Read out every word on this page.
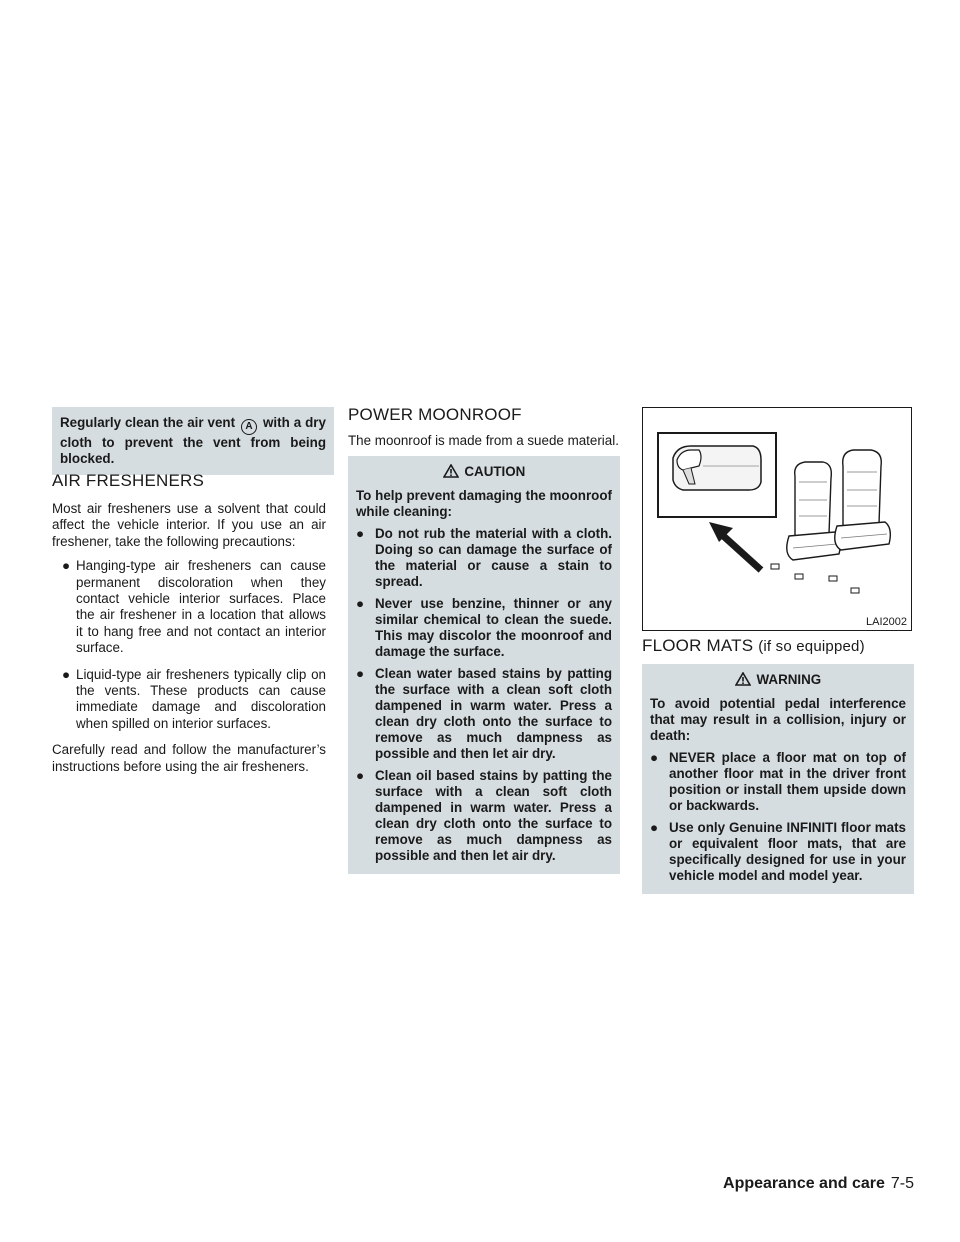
Regularly clean the air vent A with a dry cloth to prevent the vent from being blocked.

AIR FRESHENERS

Most air fresheners use a solvent that could affect the vehicle interior. If you use an air freshener, take the following precautions:

● Hanging-type air fresheners can cause permanent discoloration when they contact vehicle interior surfaces. Place the air freshener in a location that allows it to hang free and not contact an interior surface.
● Liquid-type air fresheners typically clip on the vents. These products can cause immediate damage and discoloration when spilled on interior surfaces.

Carefully read and follow the manufacturer’s instructions before using the air fresheners.

POWER MOONROOF

The moonroof is made from a suede material.

CAUTION

To help prevent damaging the moonroof while cleaning:

● Do not rub the material with a cloth. Doing so can damage the surface of the material or cause a stain to spread.
● Never use benzine, thinner or any similar chemical to clean the suede. This may discolor the moonroof and damage the surface.
● Clean water based stains by patting the surface with a clean soft cloth dampened in warm water. Press a clean dry cloth onto the surface to remove as much dampness as possible and then let air dry.
● Clean oil based stains by patting the surface with a clean soft cloth dampened in warm water. Press a clean dry cloth onto the surface to remove as much dampness as possible and then let air dry.
LAI2002
FLOOR MATS (if so equipped)
WARNING

To avoid potential pedal interference that may result in a collision, injury or death:

● NEVER place a floor mat on top of another floor mat in the driver front position or install them upside down or backwards.
● Use only Genuine INFINITI floor mats or equivalent floor mats, that are specifically designed for use in your vehicle model and model year.
Appearance and care 7-5
